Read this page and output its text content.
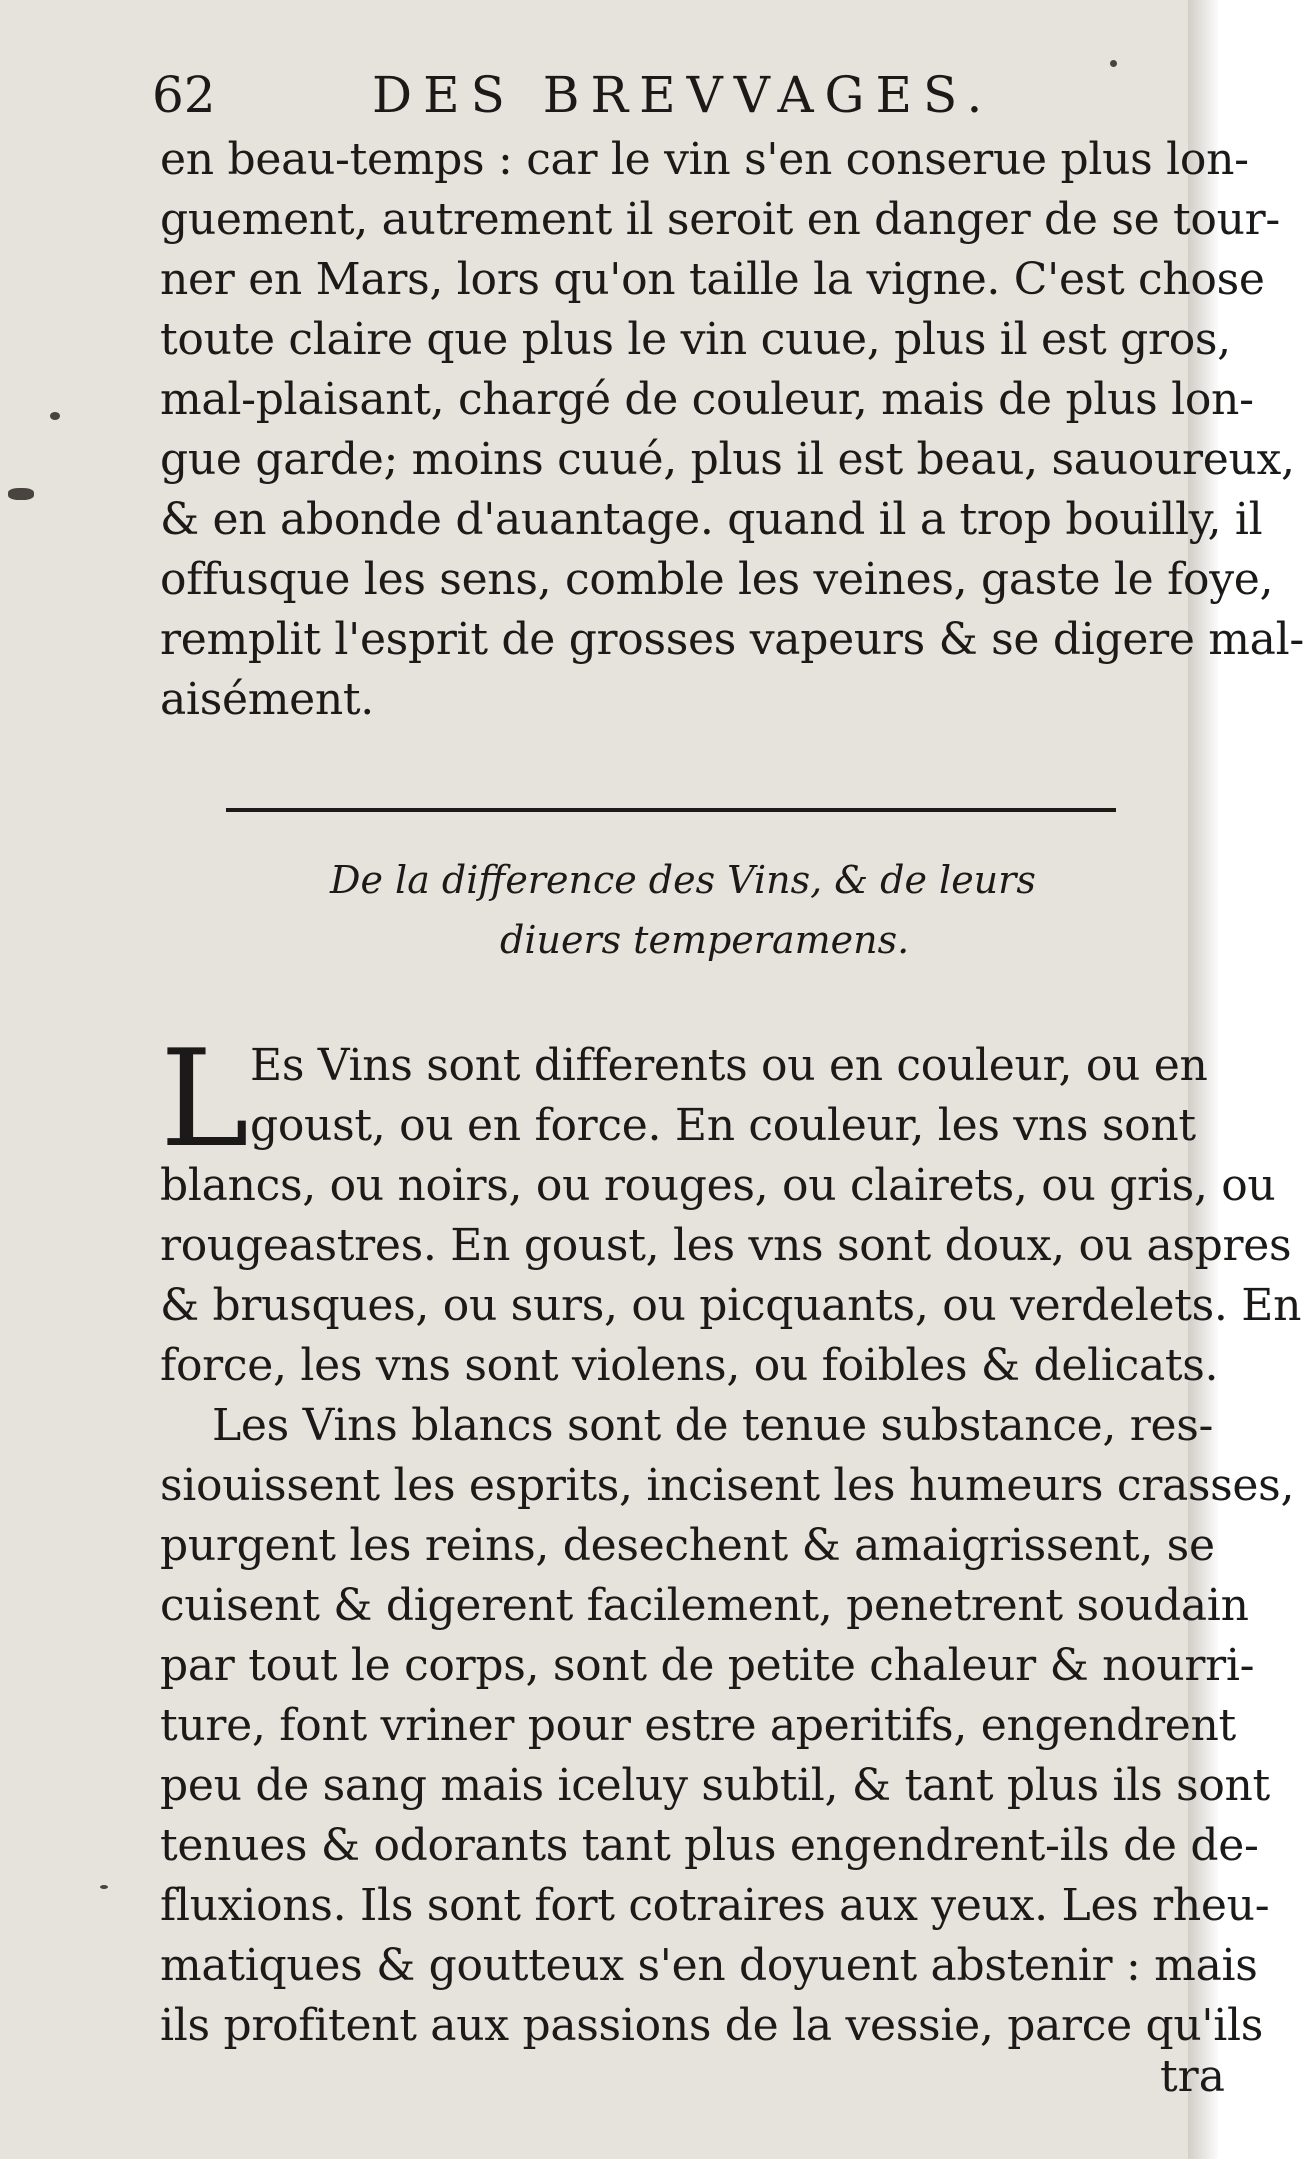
62	DES BREVVAGES.
en beau-temps : car le vin s'en conserue plus lon-
guement, autrement il seroit en danger de se tour-
ner en Mars, lors qu'on taille la vigne. C'est chose
toute claire que plus le vin cuue, plus il est gros,
mal-plaisant, chargé de couleur, mais de plus lon-
gue garde; moins cuué, plus il est beau, sauoureux,
& en abonde d'auantage. quand il a trop bouilly, il
offusque les sens, comble les veines, gaste le foye,
remplit l'esprit de grosses vapeurs & se digere mal-
aisément.
De la difference des Vins, & de leurs
diuers temperamens.
L Es Vins sont differents ou en couleur, ou en
goust, ou en force. En couleur, les vns sont
blancs, ou noirs, ou rouges, ou clairets, ou gris, ou
rougeastres. En goust, les vns sont doux, ou aspres
& brusques, ou surs, ou picquants, ou verdelets. En
force, les vns sont violens, ou foibles & delicats.
Les Vins blancs sont de tenue substance, res-
siouissent les esprits, incisent les humeurs crasses,
purgent les reins, desechent & amaigrissent, se
cuisent & digerent facilement, penetrent soudain
par tout le corps, sont de petite chaleur & nourri-
ture, font vriner pour estre aperitifs, engendrent
peu de sang mais iceluy subtil, & tant plus ils sont
tenues & odorants tant plus engendrent-ils de de-
fluxions. Ils sont fort cotraires aux yeux. Les rheu-
matiques & goutteux s'en doyuent abstenir : mais
ils profitent aux passions de la vessie, parce qu'ils
tra
